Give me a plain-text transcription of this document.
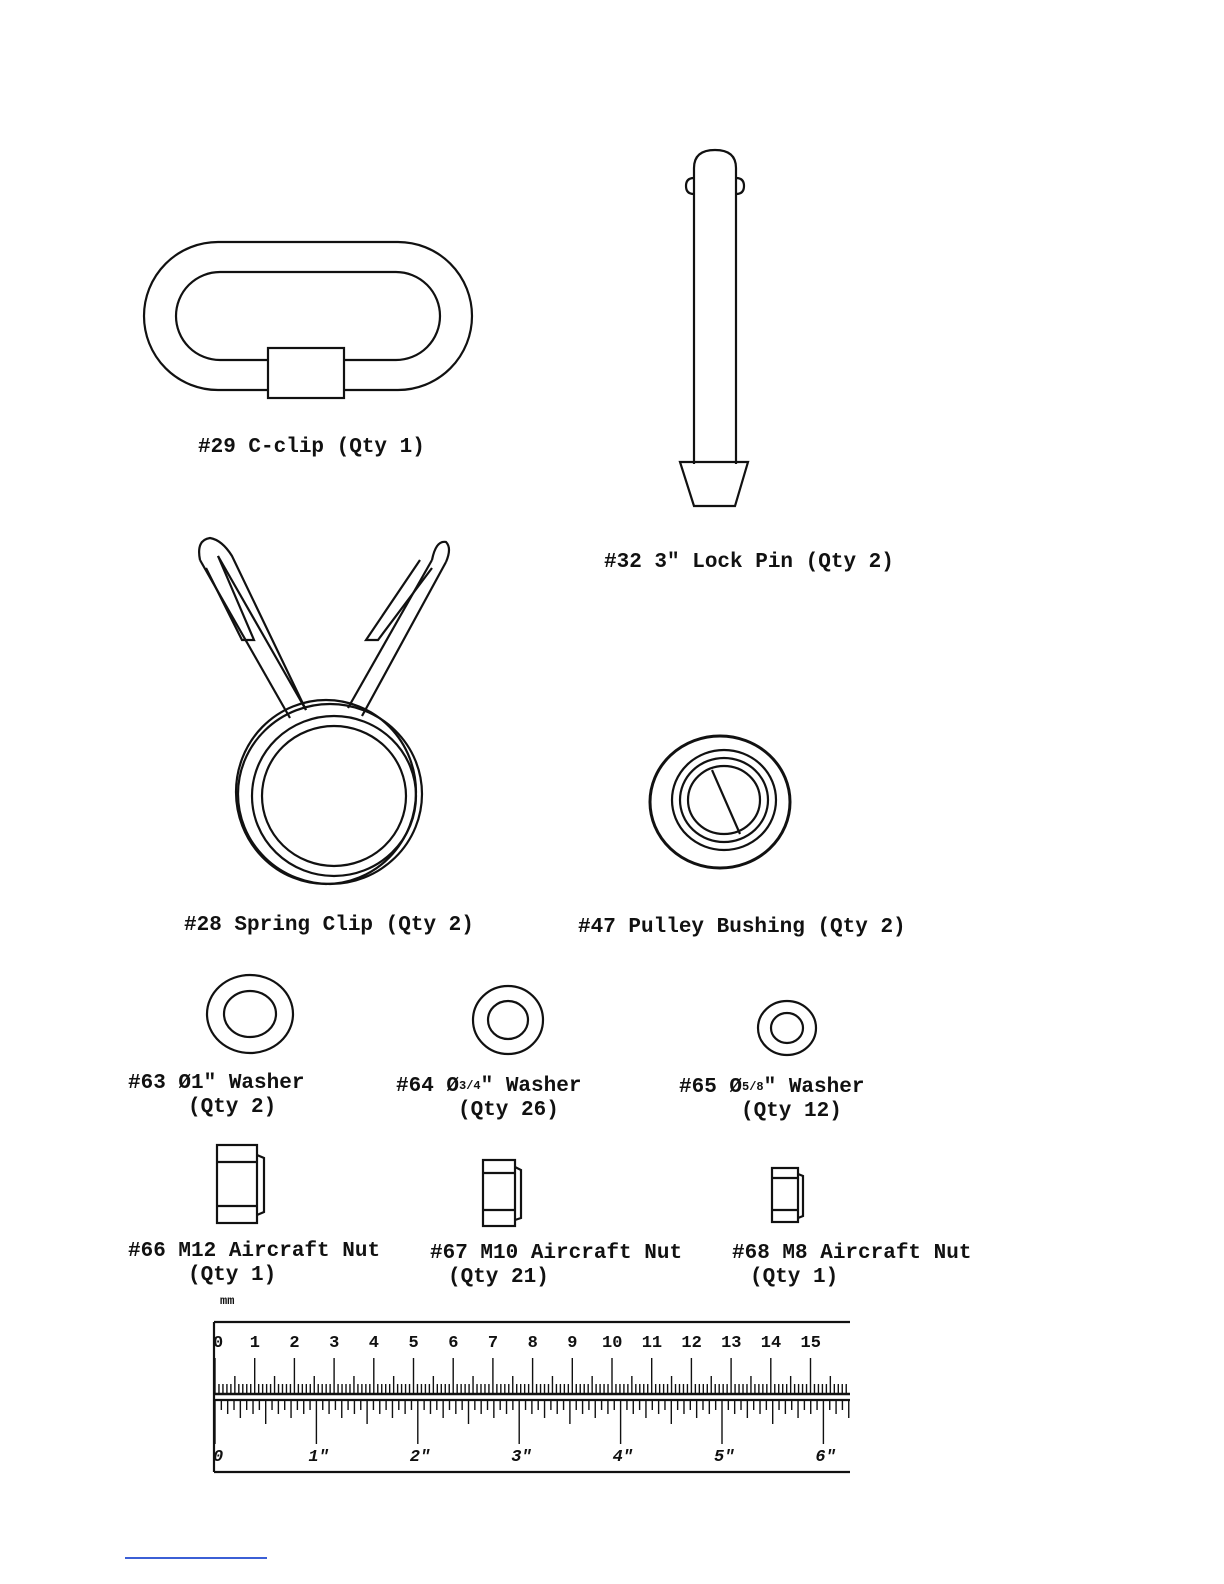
#29 C-clip (Qty 1)
#32 3" Lock Pin (Qty 2)
#28 Spring Clip (Qty 2)	#47 Pulley Bushing (Qty 2)
#63 Ø1" Washer
(Qty 2)
#64 Ø3/4" Washer
(Qty 26)
#65 Ø5/8" Washer
(Qty 12)
#66 M12 Aircraft Nut
(Qty 1)
#67 M10 Aircraft Nut
(Qty 21)
#68 M8 Aircraft Nut
(Qty 1)
mm
0 1 2 3 4 5 6 7 8 9 10 11 12 13 14 15
0	1"	2"	3"	4"	5"	6"
